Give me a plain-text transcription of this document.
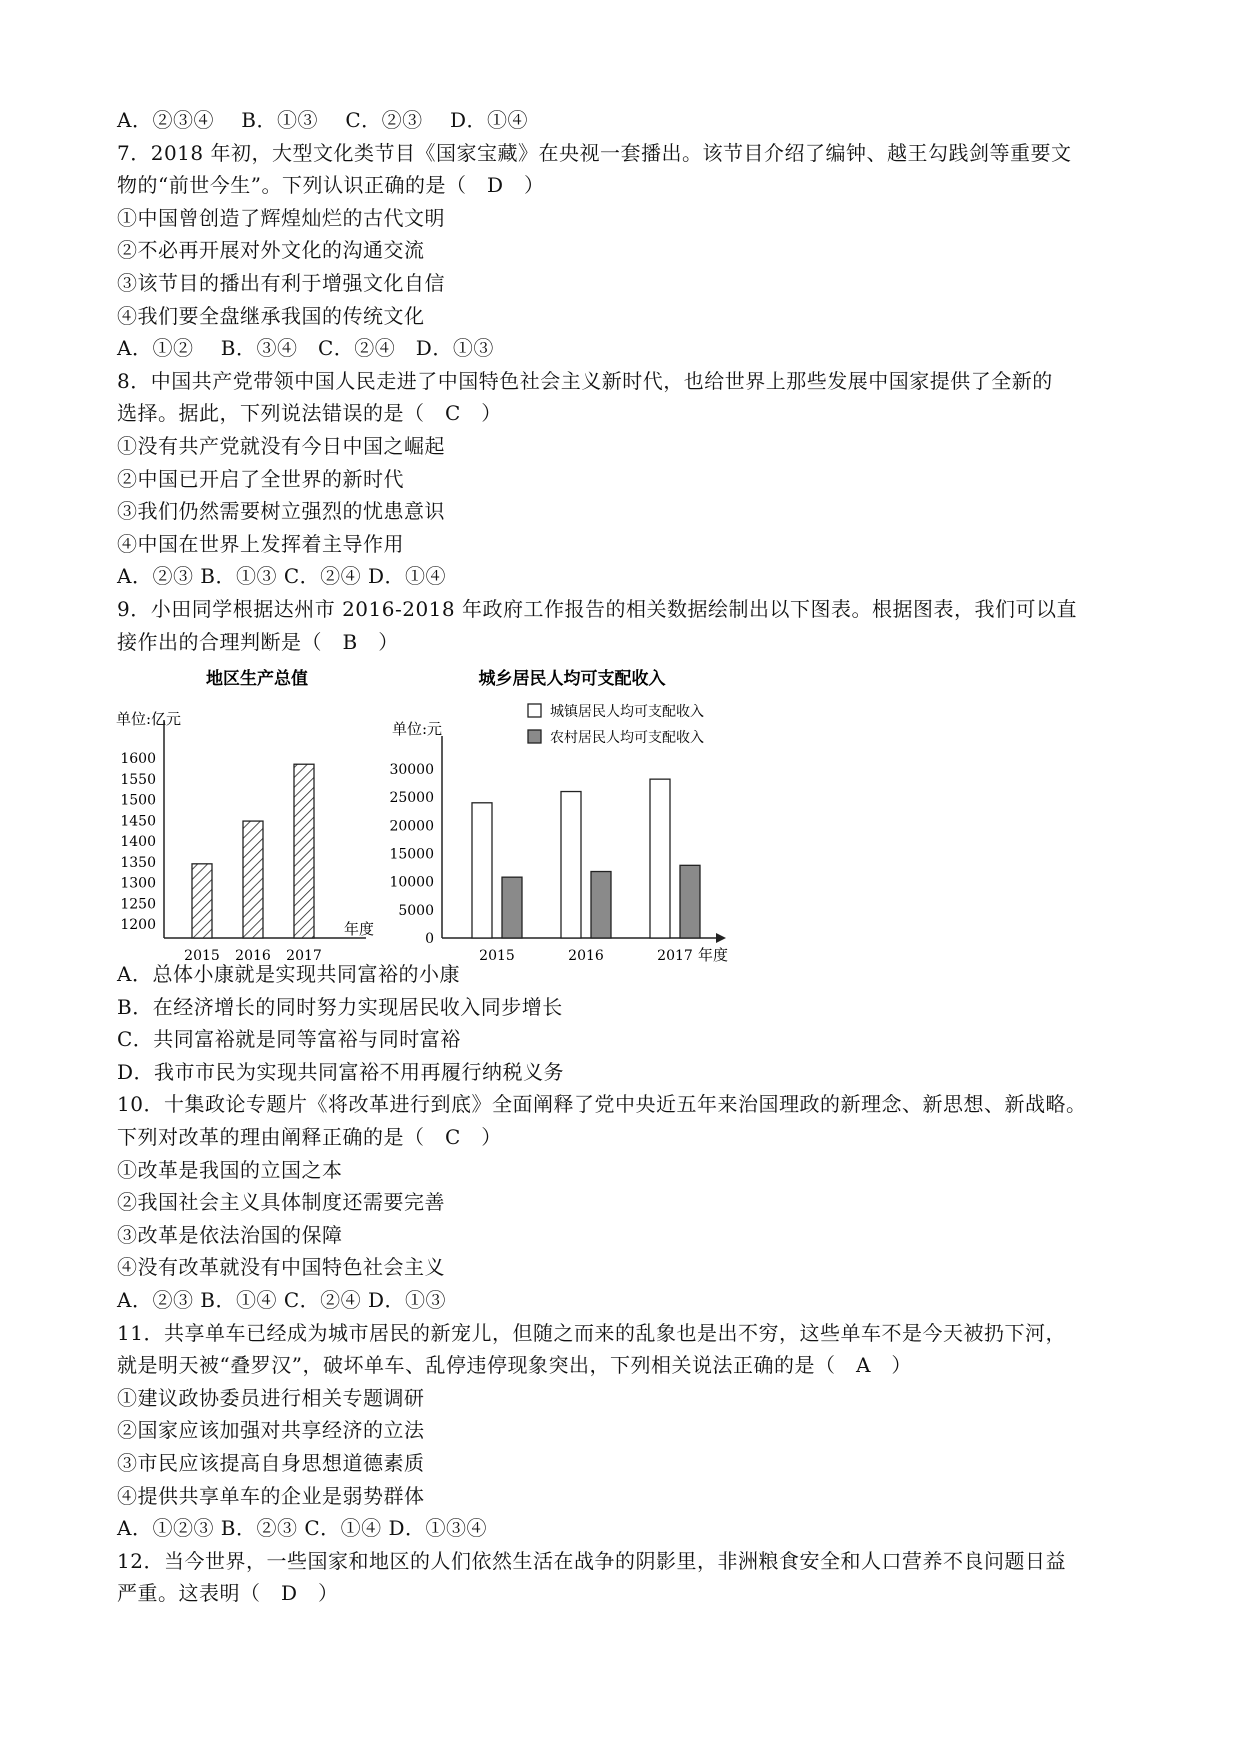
A．②③④　 B．①③　 C．②③　 D．①④
7．2018 年初，大型文化类节目《国家宝藏》在央视一套播出。该节目介绍了编钟、越王勾践剑等重要文
物的“前世今生”。下列认识正确的是（　D　）
①中国曾创造了辉煌灿烂的古代文明
②不必再开展对外文化的沟通交流
③该节目的播出有利于增强文化自信
④我们要全盘继承我国的传统文化
A．①②　 B．③④　C．②④　D．①③
8．中国共产党带领中国人民走进了中国特色社会主义新时代，也给世界上那些发展中国家提供了全新的
选择。据此，下列说法错误的是（　C　）
①没有共产党就没有今日中国之崛起
②中国已开启了全世界的新时代
③我们仍然需要树立强烈的忧患意识
④中国在世界上发挥着主导作用
A．②③ B．①③ C．②④ D．①④
9．小田同学根据达州市 2016-2018 年政府工作报告的相关数据绘制出以下图表。根据图表，我们可以直
接作出的合理判断是（　B　）
地区生产总值
单位:亿元
年度
1200
1250
1300
1350
1400
1450
1500
1550
1600
2015 2016 2017
城乡居民人均可支配收入
单位:元
城镇居民人均可支配收入
农村居民人均可支配收入
年度
0
5000
10000
15000
20000
25000
30000
2015	2016	2017
A．总体小康就是实现共同富裕的小康
B．在经济增长的同时努力实现居民收入同步增长
C．共同富裕就是同等富裕与同时富裕
D．我市市民为实现共同富裕不用再履行纳税义务
10．十集政论专题片《将改革进行到底》全面阐释了党中央近五年来治国理政的新理念、新思想、新战略。
下列对改革的理由阐释正确的是（　C　）
①改革是我国的立国之本
②我国社会主义具体制度还需要完善
③改革是依法治国的保障
④没有改革就没有中国特色社会主义
A．②③ B．①④ C．②④ D．①③
11．共享单车已经成为城市居民的新宠儿，但随之而来的乱象也是出不穷，这些单车不是今天被扔下河，
就是明天被“叠罗汉”，破坏单车、乱停违停现象突出，下列相关说法正确的是（　A　）
①建议政协委员进行相关专题调研
②国家应该加强对共享经济的立法
③市民应该提高自身思想道德素质
④提供共享单车的企业是弱势群体
A．①②③ B．②③ C．①④ D．①③④
12．当今世界，一些国家和地区的人们依然生活在战争的阴影里，非洲粮食安全和人口营养不良问题日益
严重。这表明（　D　）
